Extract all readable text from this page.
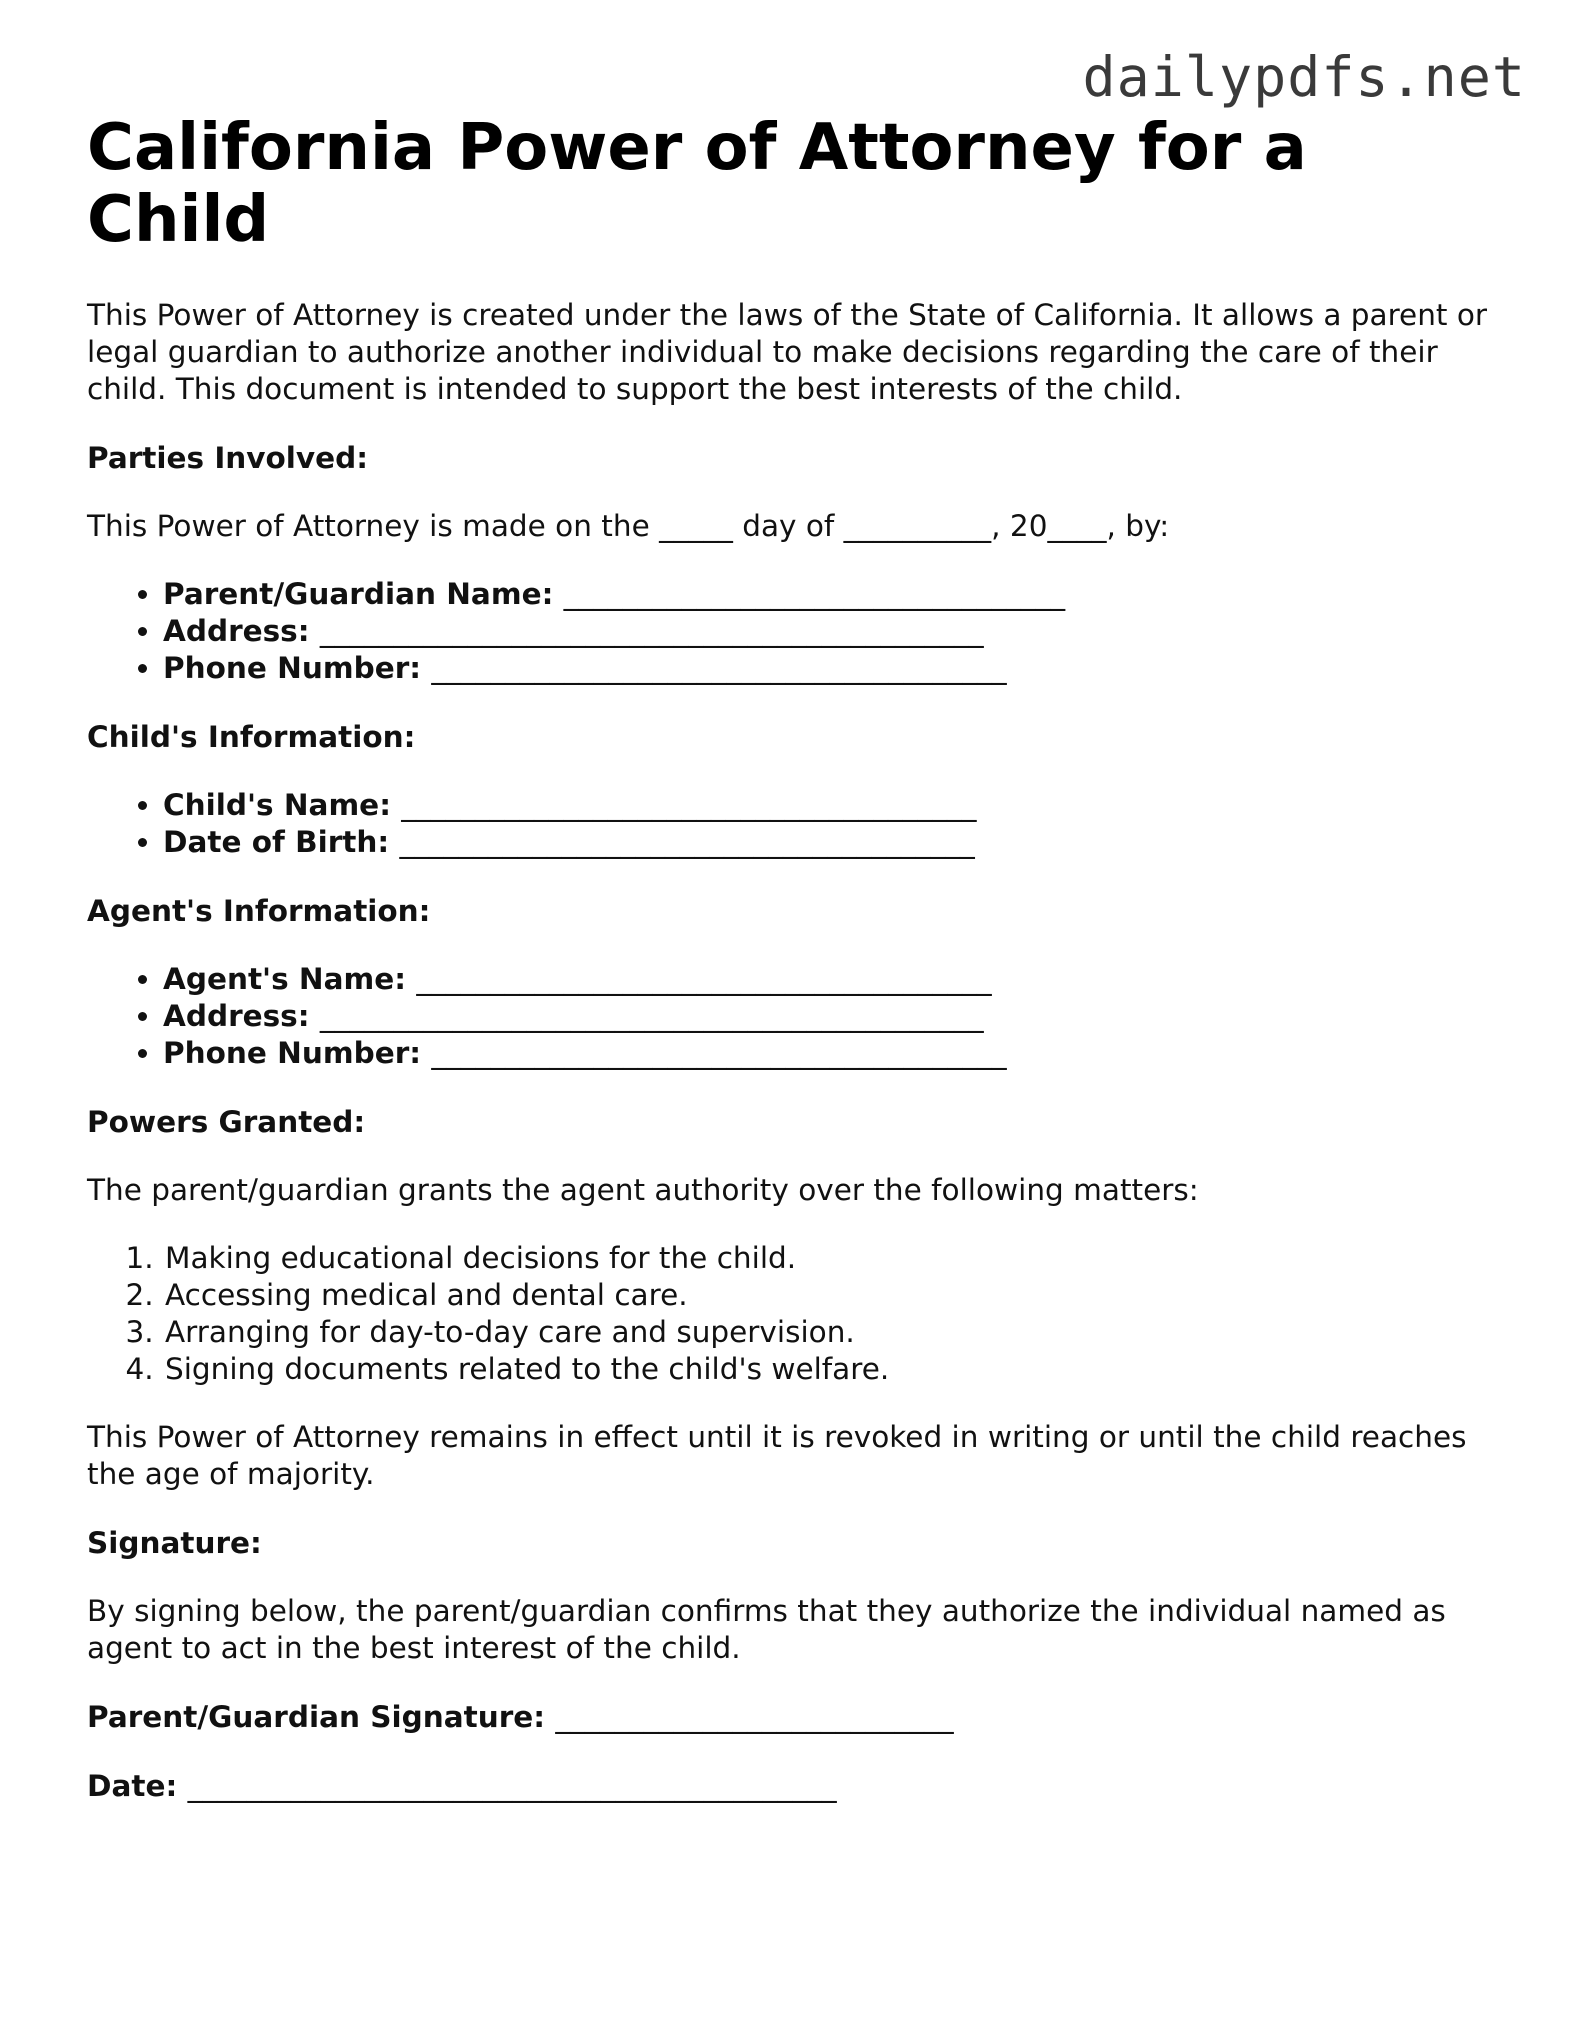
dailypdfs.net
California Power of Attorney for a Child

This Power of Attorney is created under the laws of the State of California. It allows a parent or legal guardian to authorize another individual to make decisions regarding the care of their child. This document is intended to support the best interests of the child.

Parties Involved:

This Power of Attorney is made on the _____ day of __________, 20____, by:

• Parent/Guardian Name: __________________________________
• Address: _____________________________________________
• Phone Number: _______________________________________

Child's Information:

• Child's Name: _______________________________________
• Date of Birth: _______________________________________

Agent's Information:

• Agent's Name: _______________________________________
• Address: _____________________________________________
• Phone Number: _______________________________________

Powers Granted:

The parent/guardian grants the agent authority over the following matters:

1. Making educational decisions for the child.
2. Accessing medical and dental care.
3. Arranging for day-to-day care and supervision.
4. Signing documents related to the child's welfare.

This Power of Attorney remains in effect until it is revoked in writing or until the child reaches the age of majority.

Signature:

By signing below, the parent/guardian confirms that they authorize the individual named as agent to act in the best interest of the child.

Parent/Guardian Signature: ___________________________

Date: ____________________________________________
